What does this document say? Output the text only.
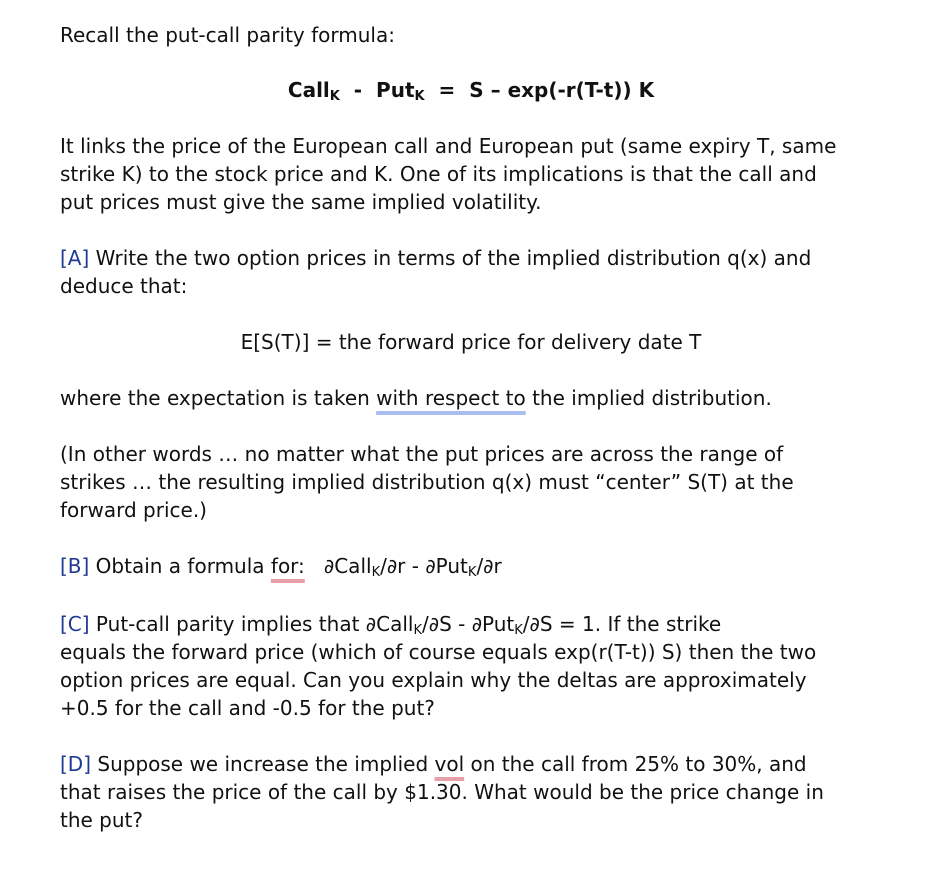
Recall the put-call parity formula:
Call$_K$ - Put$_K$ = S – exp(-r(T-t)) K
It links the price of the European call and European put (same expiry T, same
strike K) to the stock price and K. One of its implications is that the call and
put prices must give the same implied volatility.
[A] Write the two option prices in terms of the implied distribution q(x) and
deduce that:
E[S(T)] = the forward price for delivery date T
where the expectation is taken with respect to the implied distribution.
(In other words … no matter what the put prices are across the range of
strikes … the resulting implied distribution q(x) must “center” S(T) at the
forward price.)
[B] Obtain a formula for: ∂Call$_K$/∂r - ∂Put$_K$/∂r
[C] Put-call parity implies that ∂Call$_K$/∂S - ∂Put$_K$/∂S = 1. If the strike
equals the forward price (which of course equals exp(r(T-t)) S) then the two
option prices are equal. Can you explain why the deltas are approximately
+0.5 for the call and -0.5 for the put?
[D] Suppose we increase the implied vol on the call from 25% to 30%, and
that raises the price of the call by $1.30. What would be the price change in
the put?
